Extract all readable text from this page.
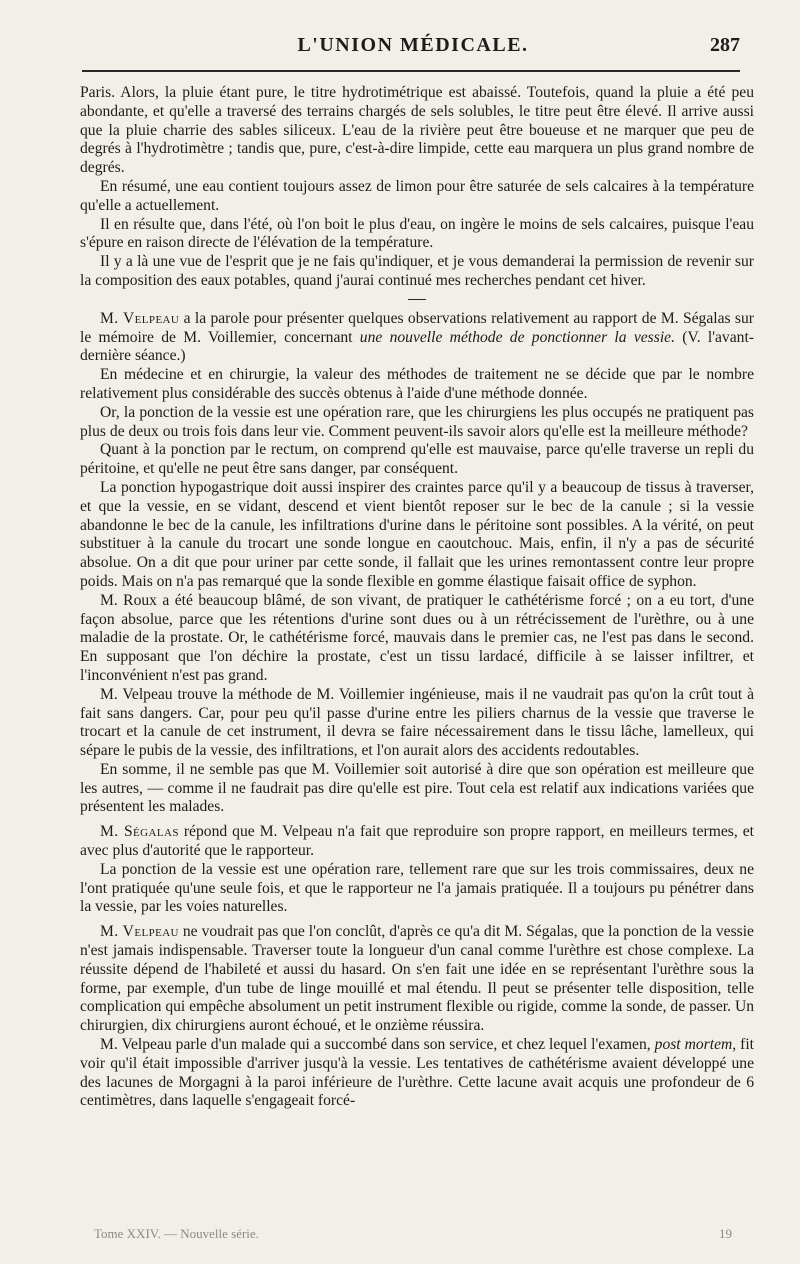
L'UNION MÉDICALE.	287

Paris. Alors, la pluie étant pure, le titre hydrotimétrique est abaissé. Toutefois, quand la pluie a été peu abondante, et qu'elle a traversé des terrains chargés de sels solubles, le titre peut être élevé. Il arrive aussi que la pluie charrie des sables siliceux. L'eau de la rivière peut être boueuse et ne marquer que peu de degrés à l'hydrotimètre ; tandis que, pure, c'est-à-dire limpide, cette eau marquera un plus grand nombre de degrés.

En résumé, une eau contient toujours assez de limon pour être saturée de sels calcaires à la température qu'elle a actuellement.

Il en résulte que, dans l'été, où l'on boit le plus d'eau, on ingère le moins de sels calcaires, puisque l'eau s'épure en raison directe de l'élévation de la température.

Il y a là une vue de l'esprit que je ne fais qu'indiquer, et je vous demanderai la permission de revenir sur la composition des eaux potables, quand j'aurai continué mes recherches pendant cet hiver.

M. Velpeau a la parole pour présenter quelques observations relativement au rapport de M. Ségalas sur le mémoire de M. Voillemier, concernant une nouvelle méthode de ponctionner la vessie. (V. l'avant-dernière séance.)

En médecine et en chirurgie, la valeur des méthodes de traitement ne se décide que par le nombre relativement plus considérable des succès obtenus à l'aide d'une méthode donnée.

Or, la ponction de la vessie est une opération rare, que les chirurgiens les plus occupés ne pratiquent pas plus de deux ou trois fois dans leur vie. Comment peuvent-ils savoir alors qu'elle est la meilleure méthode?

Quant à la ponction par le rectum, on comprend qu'elle est mauvaise, parce qu'elle traverse un repli du péritoine, et qu'elle ne peut être sans danger, par conséquent.

La ponction hypogastrique doit aussi inspirer des craintes parce qu'il y a beaucoup de tissus à traverser, et que la vessie, en se vidant, descend et vient bientôt reposer sur le bec de la canule ; si la vessie abandonne le bec de la canule, les infiltrations d'urine dans le péritoine sont possibles. A la vérité, on peut substituer à la canule du trocart une sonde longue en caoutchouc. Mais, enfin, il n'y a pas de sécurité absolue. On a dit que pour uriner par cette sonde, il fallait que les urines remontassent contre leur propre poids. Mais on n'a pas remarqué que la sonde flexible en gomme élastique faisait office de syphon.

M. Roux a été beaucoup blâmé, de son vivant, de pratiquer le cathétérisme forcé ; on a eu tort, d'une façon absolue, parce que les rétentions d'urine sont dues ou à un rétrécissement de l'urèthre, ou à une maladie de la prostate. Or, le cathétérisme forcé, mauvais dans le premier cas, ne l'est pas dans le second. En supposant que l'on déchire la prostate, c'est un tissu lardacé, difficile à se laisser infiltrer, et l'inconvénient n'est pas grand.

M. Velpeau trouve la méthode de M. Voillemier ingénieuse, mais il ne vaudrait pas qu'on la crût tout à fait sans dangers. Car, pour peu qu'il passe d'urine entre les piliers charnus de la vessie que traverse le trocart et la canule de cet instrument, il devra se faire nécessairement dans le tissu lâche, lamelleux, qui sépare le pubis de la vessie, des infiltrations, et l'on aurait alors des accidents redoutables.

En somme, il ne semble pas que M. Voillemier soit autorisé à dire que son opération est meilleure que les autres, — comme il ne faudrait pas dire qu'elle est pire. Tout cela est relatif aux indications variées que présentent les malades.

M. Ségalas répond que M. Velpeau n'a fait que reproduire son propre rapport, en meilleurs termes, et avec plus d'autorité que le rapporteur.

La ponction de la vessie est une opération rare, tellement rare que sur les trois commissaires, deux ne l'ont pratiquée qu'une seule fois, et que le rapporteur ne l'a jamais pratiquée. Il a toujours pu pénétrer dans la vessie, par les voies naturelles.

M. Velpeau ne voudrait pas que l'on conclût, d'après ce qu'a dit M. Ségalas, que la ponction de la vessie n'est jamais indispensable. Traverser toute la longueur d'un canal comme l'urèthre est chose complexe. La réussite dépend de l'habileté et aussi du hasard. On s'en fait une idée en se représentant l'urèthre sous la forme, par exemple, d'un tube de linge mouillé et mal étendu. Il peut se présenter telle disposition, telle complication qui empêche absolument un petit instrument flexible ou rigide, comme la sonde, de passer. Un chirurgien, dix chirurgiens auront échoué, et le onzième réussira.

M. Velpeau parle d'un malade qui a succombé dans son service, et chez lequel l'examen, post mortem, fit voir qu'il était impossible d'arriver jusqu'à la vessie. Les tentatives de cathétérisme avaient développé une des lacunes de Morgagni à la paroi inférieure de l'urèthre. Cette lacune avait acquis une profondeur de 6 centimètres, dans laquelle s'engageait forcé-

Tome XXIV. — Nouvelle série.	19
